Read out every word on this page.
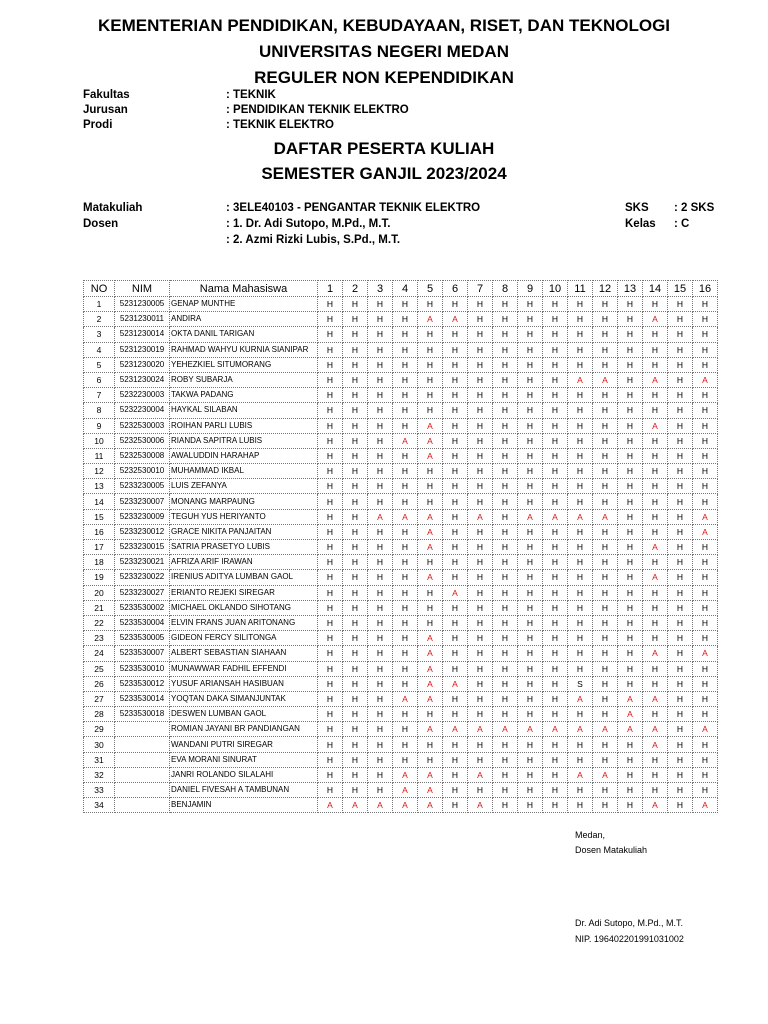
KEMENTERIAN PENDIDIKAN, KEBUDAYAAN, RISET, DAN TEKNOLOGI
UNIVERSITAS NEGERI MEDAN
REGULER NON KEPENDIDIKAN
Fakultas	: TEKNIK
Jurusan	: PENDIDIKAN TEKNIK ELEKTRO
Prodi	: TEKNIK ELEKTRO
DAFTAR PESERTA KULIAH
SEMESTER GANJIL 2023/2024
Matakuliah	: 3ELE40103 - PENGANTAR TEKNIK ELEKTRO
Dosen	: 1. Dr. Adi Sutopo, M.Pd., M.T.
: 2. Azmi Rizki Lubis, S.Pd., M.T.
SKS : 2 SKS
Kelas : C
NO	NIM	Nama Mahasiswa	1	2	3	4	5	6	7	8	9	10	11	12	13	14	15	16
1	5231230005	GENAP MUNTHE	H	H	H	H	H	H	H	H	H	H	H	H	H	H	H	H
2	5231230011	ANDIRA	H	H	H	H	A	A	H	H	H	H	H	H	H	A	H	H
3	5231230014	OKTA DANIL TARIGAN	H	H	H	H	H	H	H	H	H	H	H	H	H	H	H	H
4	5231230019	RAHMAD WAHYU KURNIA SIANIPAR	H	H	H	H	H	H	H	H	H	H	H	H	H	H	H	H
5	5231230020	YEHEZKIEL SITUMORANG	H	H	H	H	H	H	H	H	H	H	H	H	H	H	H	H
6	5231230024	ROBY SUBARJA	H	H	H	H	H	H	H	H	H	H	A	A	H	A	H	A
7	5232230003	TAKWA PADANG	H	H	H	H	H	H	H	H	H	H	H	H	H	H	H	H
8	5232230004	HAYKAL SILABAN	H	H	H	H	H	H	H	H	H	H	H	H	H	H	H	H
9	5232530003	ROIHAN PARLI LUBIS	H	H	H	H	A	H	H	H	H	H	H	H	H	A	H	H
10	5232530006	RIANDA SAPITRA LUBIS	H	H	H	A	A	H	H	H	H	H	H	H	H	H	H	H
11	5232530008	AWALUDDIN HARAHAP	H	H	H	H	A	H	H	H	H	H	H	H	H	H	H	H
12	5232530010	MUHAMMAD IKBAL	H	H	H	H	H	H	H	H	H	H	H	H	H	H	H	H
13	5233230005	LUIS ZEFANYA	H	H	H	H	H	H	H	H	H	H	H	H	H	H	H	H
14	5233230007	MONANG MARPAUNG	H	H	H	H	H	H	H	H	H	H	H	H	H	H	H	H
15	5233230009	TEGUH YUS HERIYANTO	H	H	A	A	A	H	A	H	A	A	A	A	H	H	H	A
16	5233230012	GRACE NIKITA PANJAITAN	H	H	H	H	A	H	H	H	H	H	H	H	H	H	H	A
17	5233230015	SATRIA PRASETYO LUBIS	H	H	H	H	A	H	H	H	H	H	H	H	H	A	H	H
18	5233230021	AFRIZA ARIF IRAWAN	H	H	H	H	H	H	H	H	H	H	H	H	H	H	H	H
19	5233230022	IRENIUS ADITYA LUMBAN GAOL	H	H	H	H	A	H	H	H	H	H	H	H	H	A	H	H
20	5233230027	ERIANTO REJEKI SIREGAR	H	H	H	H	H	A	H	H	H	H	H	H	H	H	H	H
21	5233530002	MICHAEL OKLANDO SIHOTANG	H	H	H	H	H	H	H	H	H	H	H	H	H	H	H	H
22	5233530004	ELVIN FRANS JUAN ARITONANG	H	H	H	H	H	H	H	H	H	H	H	H	H	H	H	H
23	5233530005	GIDEON FERCY SILITONGA	H	H	H	H	A	H	H	H	H	H	H	H	H	H	H	H
24	5233530007	ALBERT SEBASTIAN SIAHAAN	H	H	H	H	A	H	H	H	H	H	H	H	H	A	H	A
25	5233530010	MUNAWWAR FADHIL EFFENDI	H	H	H	H	A	H	H	H	H	H	H	H	H	H	H	H
26	5233530012	YUSUF ARIANSAH HASIBUAN	H	H	H	H	A	A	H	H	H	H	S	H	H	H	H	H
27	5233530014	YOQTAN DAKA SIMANJUNTAK	H	H	H	A	A	H	H	H	H	H	A	H	A	A	H	H
28	5233530018	DESWEN LUMBAN GAOL	H	H	H	H	H	H	H	H	H	H	H	H	A	H	H	H
29		ROMIAN JAYANI BR PANDIANGAN	H	H	H	H	A	A	A	A	A	A	A	A	A	A	H	A
30		WANDANI PUTRI SIREGAR	H	H	H	H	H	H	H	H	H	H	H	H	H	A	H	H
31		EVA MORANI SINURAT	H	H	H	H	H	H	H	H	H	H	H	H	H	H	H	H
32		JANRI ROLANDO SILALAHI	H	H	H	A	A	H	A	H	H	H	A	A	H	H	H	H
33		DANIEL FIVESAH A TAMBUNAN	H	H	H	A	A	H	H	H	H	H	H	H	H	H	H	H
34		BENJAMIN	A	A	A	A	A	H	A	H	H	H	H	H	H	A	H	A
Medan,
Dosen Matakuliah
Dr. Adi Sutopo, M.Pd., M.T.
NIP. 196402201991031002
